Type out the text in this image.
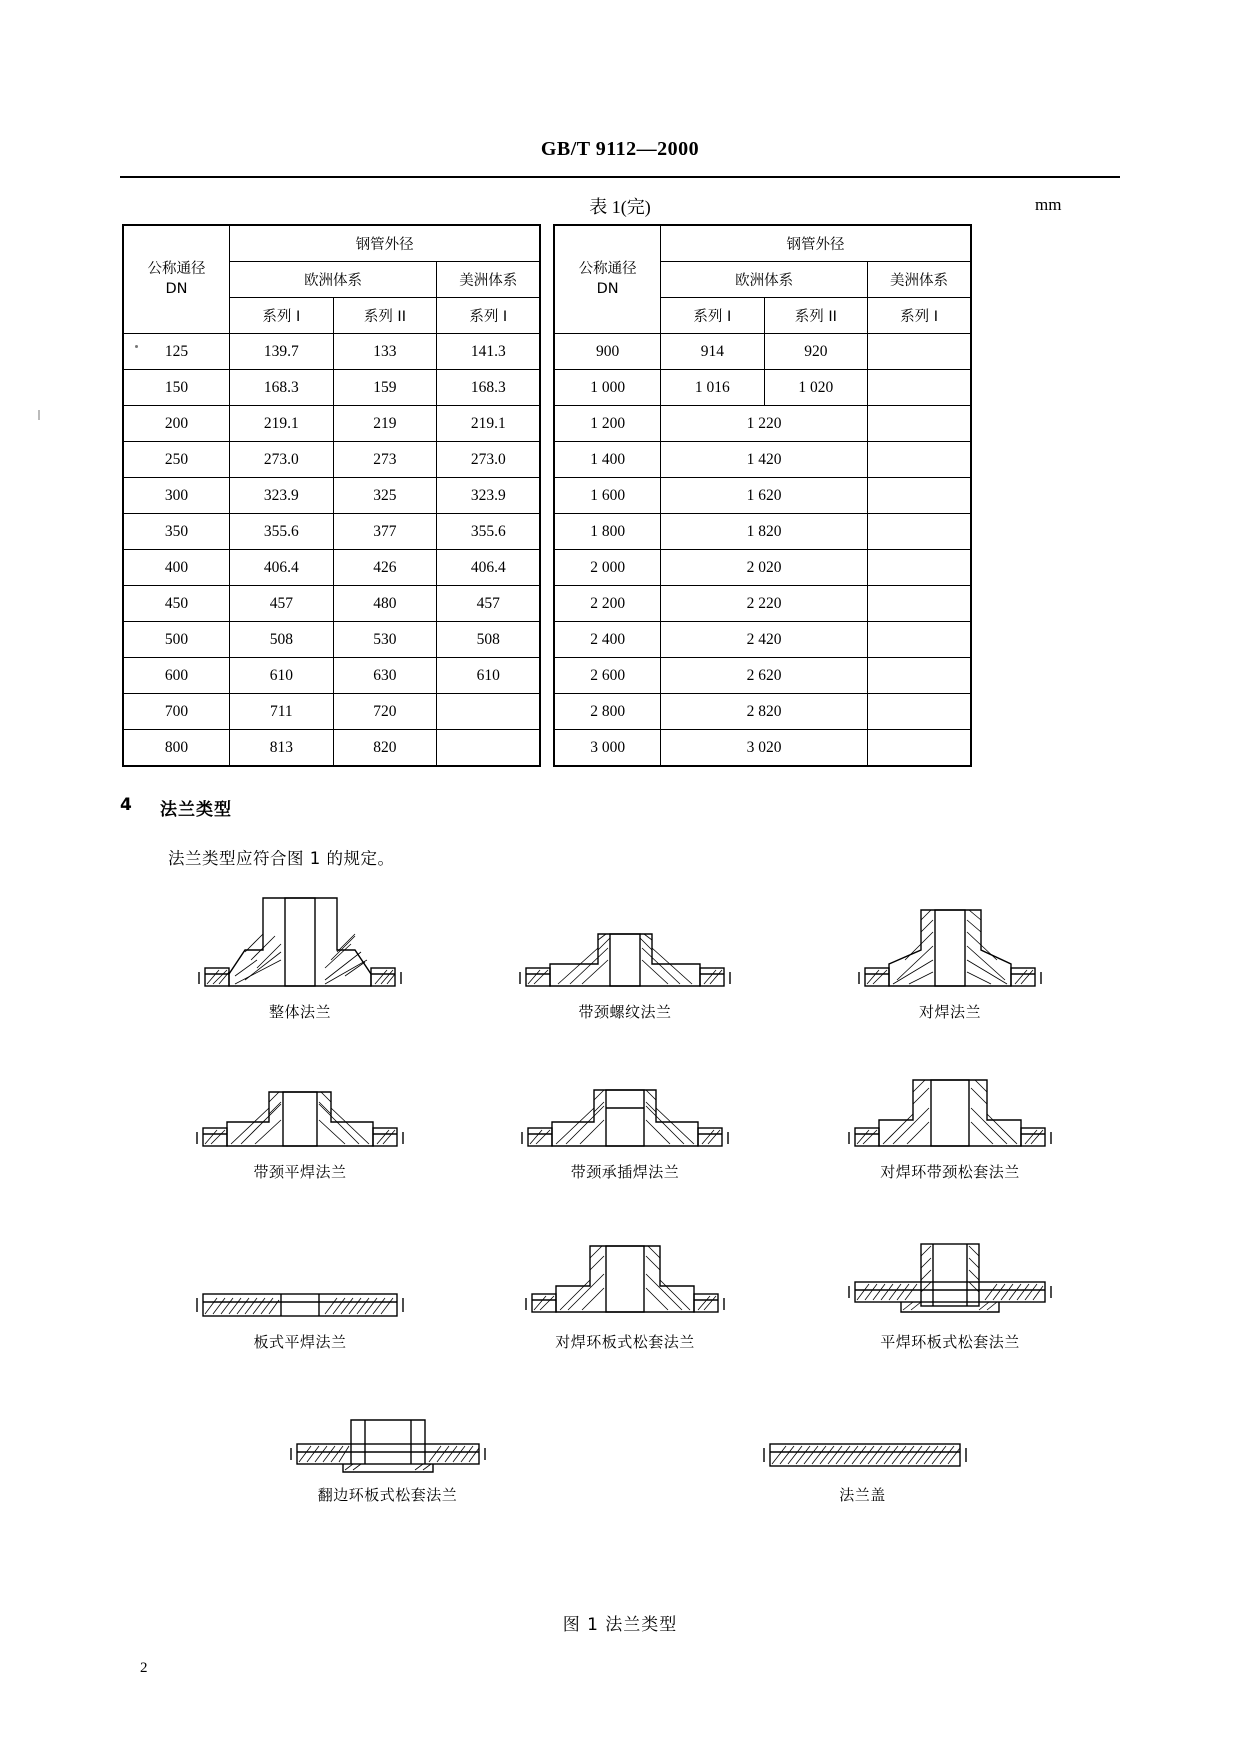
GB/T 9112—2000
表 1(完)	mm
公称通径
DN
	钢管外径		
公称通径
DN
	钢管外径
	欧洲体系		美洲体系			欧洲体系		美洲体系
	系列 I	系列 II	系列 I			系列 I	系列 II	系列 I
125	139.7	133	141.3		900	914	920	
150	168.3	159	168.3		1 000	1 016	1 020	
200	219.1	219	219.1		1 200	1 220		
250	273.0	273	273.0		1 400	1 420		
300	323.9	325	323.9		1 600	1 620		
350	355.6	377	355.6		1 800	1 820		
400	406.4	426	406.4		2 000	2 020		
450	457	480	457		2 200	2 220		
500	508	530	508		2 400	2 420		
600	610	630	610		2 600	2 620		
700	711	720			2 800	2 820		
800	813	820			3 000	3 020		
4 法兰类型
法兰类型应符合图 1 的规定。
整体法兰	带颈螺纹法兰	对焊法兰
带颈平焊法兰	带颈承插焊法兰	对焊环带颈松套法兰
板式平焊法兰	对焊环板式松套法兰	平焊环板式松套法兰
翻边环板式松套法兰	法兰盖
图 1 法兰类型
2
